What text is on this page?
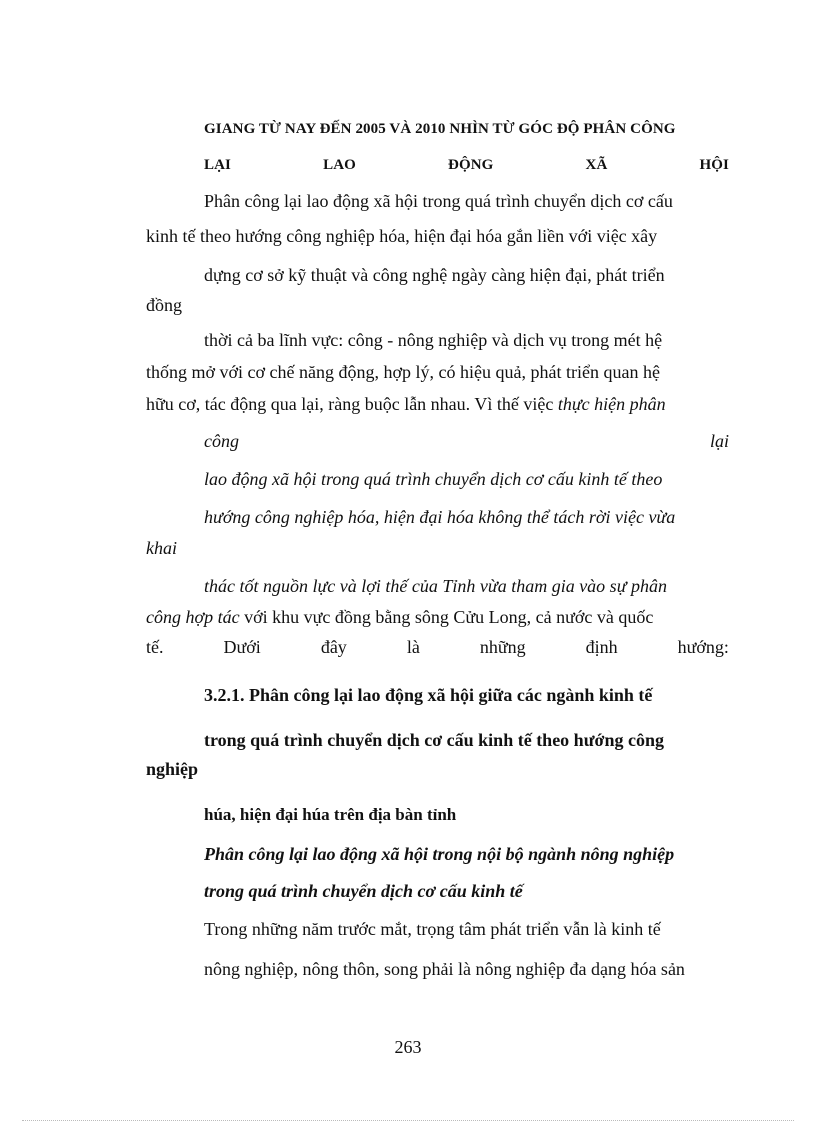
GIANG TỪ NAY ĐẾN 2005 VÀ 2010 NHÌN TỪ GÓC ĐỘ PHÂN CÔNG
LẠI	LAO	ĐỘNG	XÃ	HỘI
Phân công lại lao động xã hội trong quá trình chuyển dịch cơ cấu
kinh tế theo hướng công nghiệp hóa, hiện đại hóa gắn liền với việc xây
dựng cơ sở kỹ thuật và công nghệ ngày càng hiện đại, phát triển
đồng
thời cả ba lĩnh vực: công - nông nghiệp và dịch vụ trong mét hệ
thống mở với cơ chế năng động, hợp lý, có hiệu quả, phát triển quan hệ
hữu cơ, tác động qua lại, ràng buộc lẫn nhau. Vì thế việc thực hiện phân
công	lại
lao động xã hội trong quá trình chuyển dịch cơ cấu kinh tế theo
hướng công nghiệp hóa, hiện đại hóa không thể tách rời việc vừa
khai
thác tốt nguồn lực và lợi thế của Tỉnh vừa tham gia vào sự phân
công hợp tác với khu vực đồng bằng sông Cửu Long, cả nước và quốc
tế.	Dưới	đây	là	những	định	hướng:
3.2.1. Phân công lại lao động xã hội giữa các ngành kinh tế
trong quá trình chuyển dịch cơ cấu kinh tế theo hướng công
nghiệp
húa, hiện đại húa trên địa bàn tỉnh
Phân công lại lao động xã hội trong nội bộ ngành nông nghiệp
trong quá trình chuyển dịch cơ cấu kinh tế
Trong những năm trước mắt, trọng tâm phát triển vẫn là kinh tế
nông nghiệp, nông thôn, song phải là nông nghiệp đa dạng hóa sản
263
